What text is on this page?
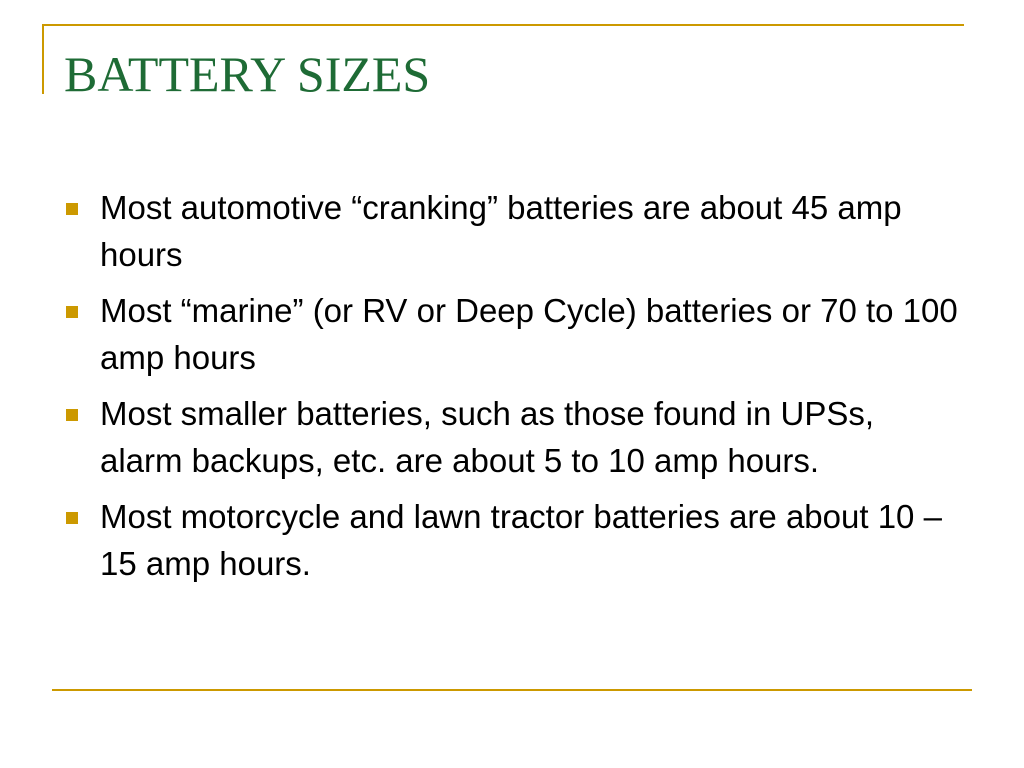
BATTERY SIZES
Most automotive “cranking” batteries are about 45 amp hours
Most “marine” (or RV or Deep Cycle) batteries or 70 to 100 amp hours
Most smaller batteries, such as those found in UPSs, alarm backups, etc. are about 5 to 10 amp hours.
Most motorcycle and lawn tractor batteries are about 10 – 15 amp hours.
